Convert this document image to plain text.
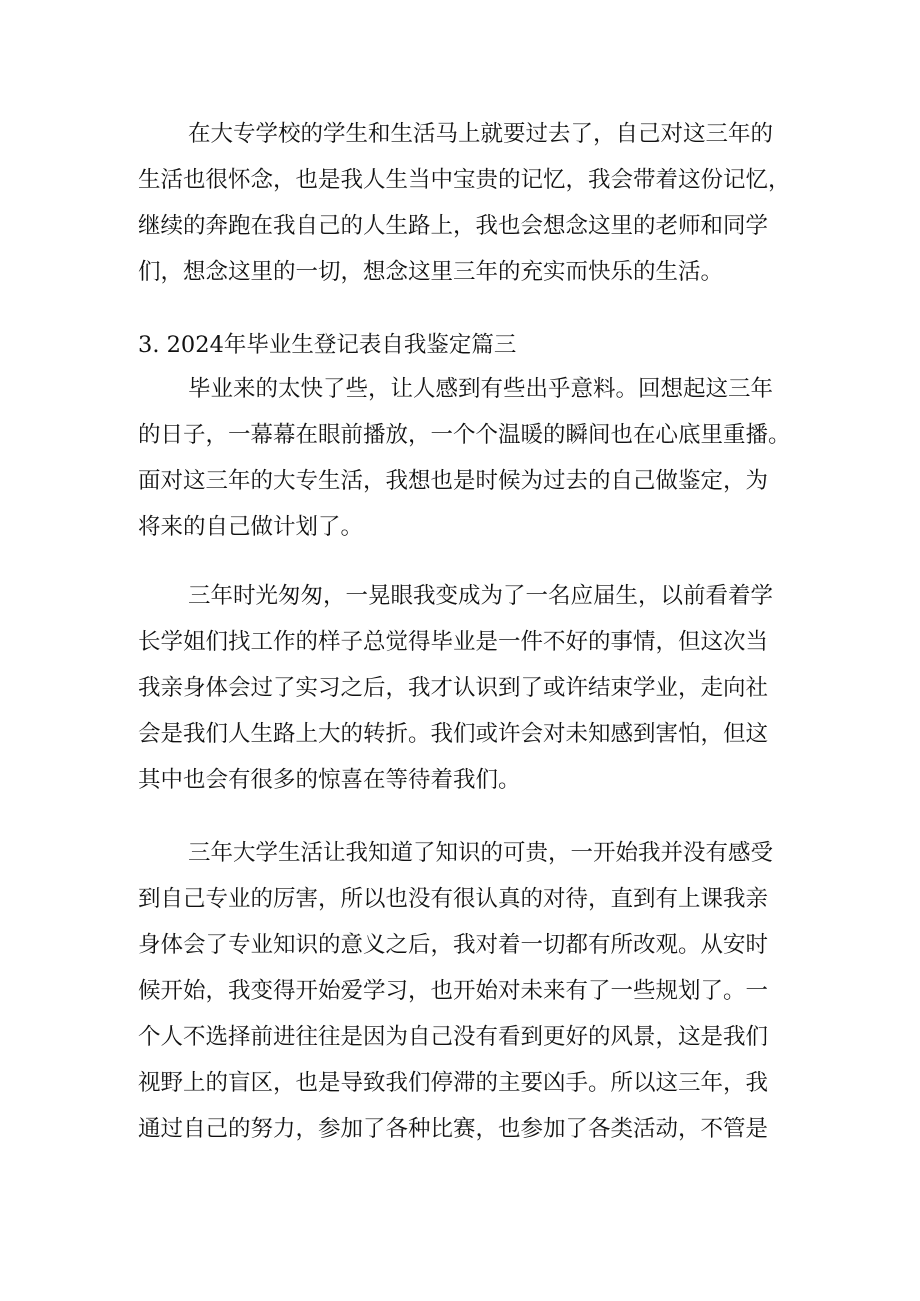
在大专学校的学生和生活马上就要过去了，自己对这三年的
生活也很怀念，也是我人生当中宝贵的记忆，我会带着这份记忆，
继续的奔跑在我自己的人生路上，我也会想念这里的老师和同学
们，想念这里的一切，想念这里三年的充实而快乐的生活。
3. 2024年毕业生登记表自我鉴定篇三
毕业来的太快了些，让人感到有些出乎意料。回想起这三年
的日子，一幕幕在眼前播放，一个个温暖的瞬间也在心底里重播。
面对这三年的大专生活，我想也是时候为过去的自己做鉴定，为
将来的自己做计划了。
三年时光匆匆，一晃眼我变成为了一名应届生，以前看着学
长学姐们找工作的样子总觉得毕业是一件不好的事情，但这次当
我亲身体会过了实习之后，我才认识到了或许结束学业，走向社
会是我们人生路上大的转折。我们或许会对未知感到害怕，但这
其中也会有很多的惊喜在等待着我们。
三年大学生活让我知道了知识的可贵，一开始我并没有感受
到自己专业的厉害，所以也没有很认真的对待，直到有上课我亲
身体会了专业知识的意义之后，我对着一切都有所改观。从安时
候开始，我变得开始爱学习，也开始对未来有了一些规划了。一
个人不选择前进往往是因为自己没有看到更好的风景，这是我们
视野上的盲区，也是导致我们停滞的主要凶手。所以这三年，我
通过自己的努力，参加了各种比赛，也参加了各类活动，不管是
